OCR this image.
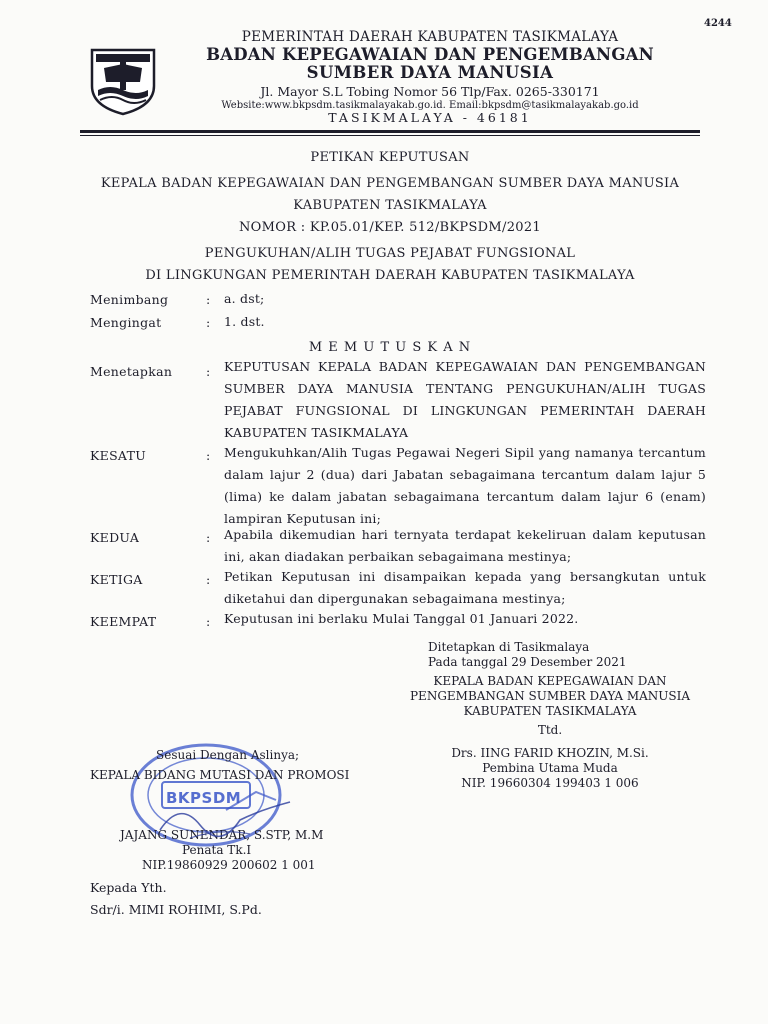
4244
PEMERINTAH DAERAH KABUPATEN TASIKMALAYA
BADAN KEPEGAWAIAN DAN PENGEMBANGAN
SUMBER DAYA MANUSIA
Jl. Mayor S.L Tobing Nomor 56 Tlp/Fax. 0265-330171
Website:www.bkpsdm.tasikmalayakab.go.id. Email:bkpsdm@tasikmalayakab.go.id
TASIKMALAYA - 46181
PETIKAN KEPUTUSAN
KEPALA BADAN KEPEGAWAIAN DAN PENGEMBANGAN SUMBER DAYA MANUSIA
KABUPATEN TASIKMALAYA
NOMOR : KP.05.01/KEP. 512/BKPSDM/2021
PENGUKUHAN/ALIH TUGAS PEJABAT FUNGSIONAL
DI LINGKUNGAN PEMERINTAH DAERAH KABUPATEN TASIKMALAYA
Menimbang	: a. dst;
Mengingat	: 1. dst.
M E M U T U S K A N
Menetapkan	: KEPUTUSAN KEPALA BADAN KEPEGAWAIAN DAN PENGEMBANGAN SUMBER DAYA MANUSIA TENTANG PENGUKUHAN/ALIH TUGAS PEJABAT FUNGSIONAL DI LINGKUNGAN PEMERINTAH DAERAH KABUPATEN TASIKMALAYA
KESATU	: Mengukuhkan/Alih Tugas Pegawai Negeri Sipil yang namanya tercantum dalam lajur 2 (dua) dari Jabatan sebagaimana tercantum dalam lajur 5 (lima) ke dalam jabatan sebagaimana tercantum dalam lajur 6 (enam) lampiran Keputusan ini;
KEDUA	: Apabila dikemudian hari ternyata terdapat kekeliruan dalam keputusan ini, akan diadakan perbaikan sebagaimana mestinya;
KETIGA	: Petikan Keputusan ini disampaikan kepada yang bersangkutan untuk diketahui dan dipergunakan sebagaimana mestinya;
KEEMPAT	: Keputusan ini berlaku Mulai Tanggal 01 Januari 2022.
Ditetapkan di Tasikmalaya
Pada tanggal 29 Desember 2021
KEPALA BADAN KEPEGAWAIAN DAN
PENGEMBANGAN SUMBER DAYA MANUSIA
KABUPATEN TASIKMALAYA
Ttd.
Drs. IING FARID KHOZIN, M.Si.
Pembina Utama Muda
NIP. 19660304 199403 1 006
BKPSDM
Sesuai Dengan Aslinya;
KEPALA BIDANG MUTASI DAN PROMOSI
JAJANG SUNENDAR, S.STP, M.M
Penata Tk.I
NIP.19860929 200602 1 001
Kepada Yth.
Sdr/i. MIMI ROHIMI, S.Pd.
